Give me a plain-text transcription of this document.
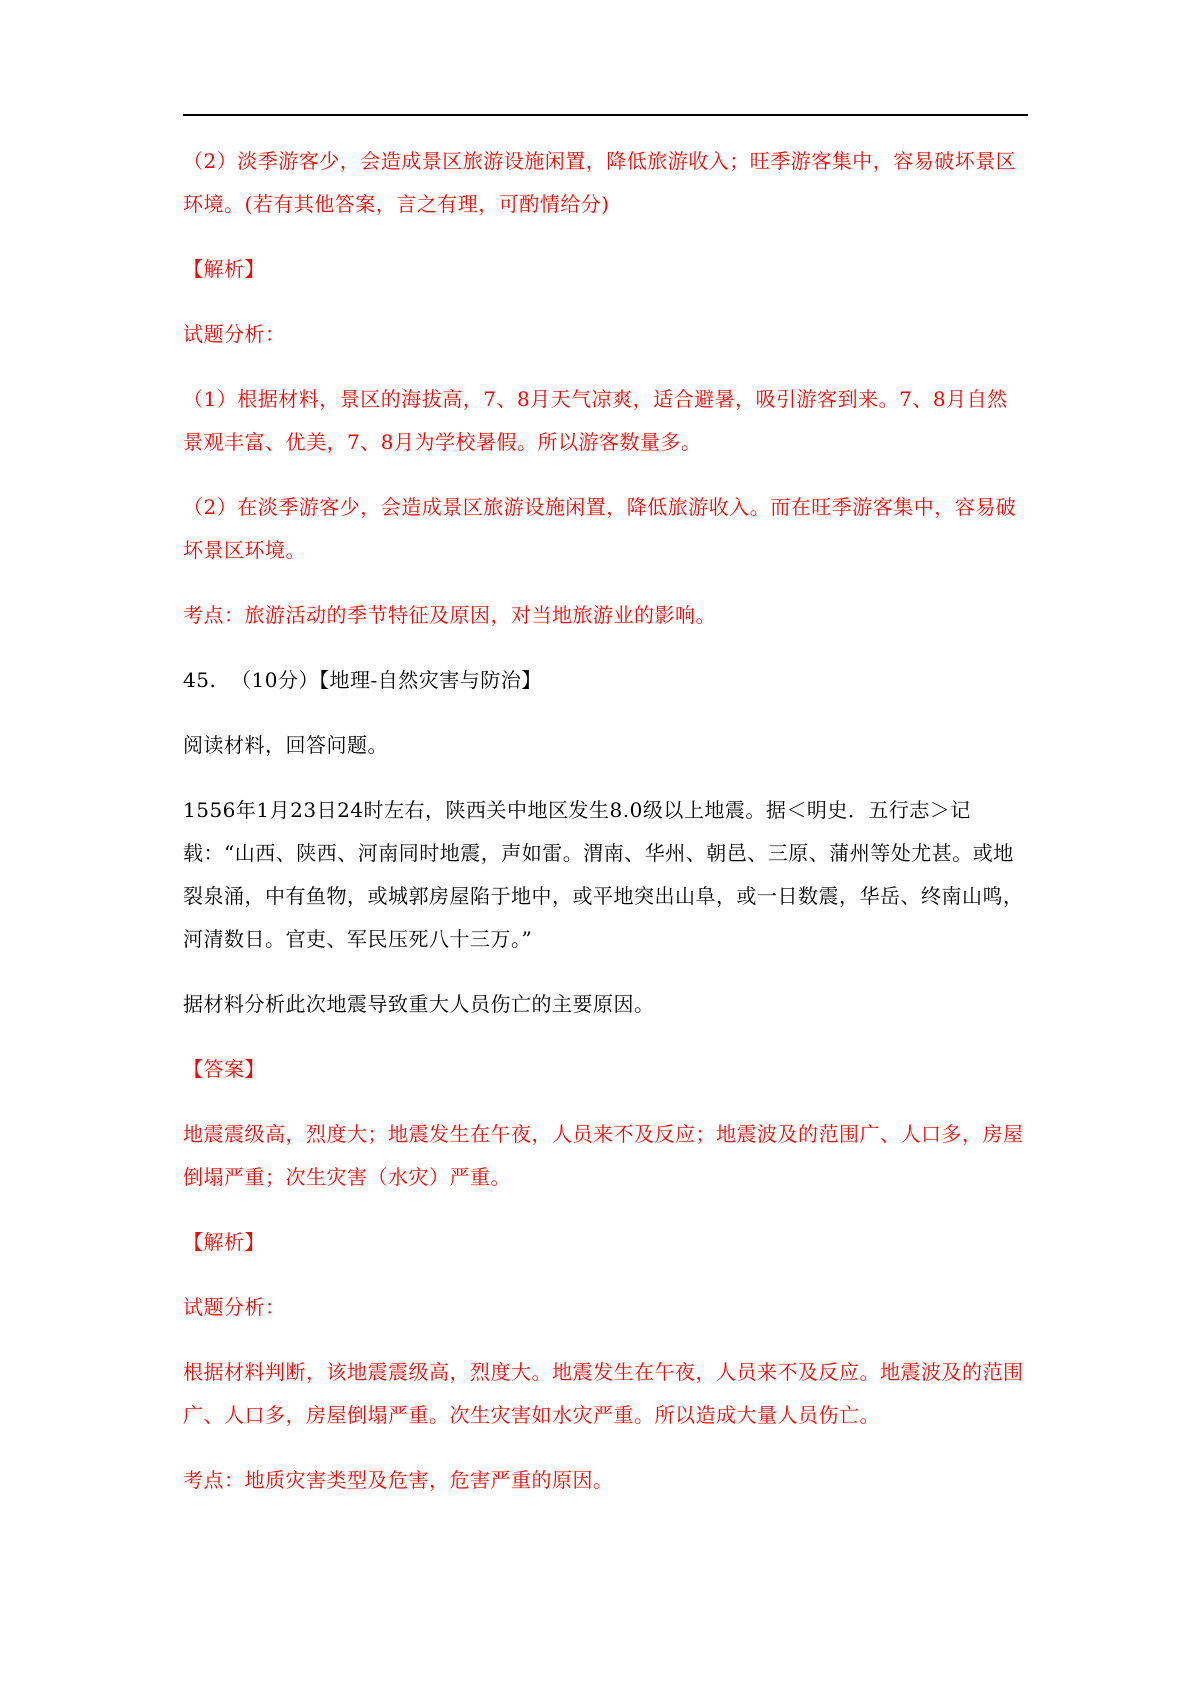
（2）淡季游客少，会造成景区旅游设施闲置，降低旅游收入；旺季游客集中，容易破坏景区环境。(若有其他答案，言之有理，可酌情给分)

【解析】

试题分析：

（1）根据材料，景区的海拔高，7、8月天气凉爽，适合避暑，吸引游客到来。7、8月自然景观丰富、优美，7、8月为学校暑假。所以游客数量多。

（2）在淡季游客少，会造成景区旅游设施闲置，降低旅游收入。而在旺季游客集中，容易破坏景区环境。

考点：旅游活动的季节特征及原因，对当地旅游业的影响。

45. （10分）【地理-自然灾害与防治】

阅读材料，回答问题。

1556年1月23日24时左右，陕西关中地区发生8.0级以上地震。据＜明史．五行志＞记载：“山西、陕西、河南同时地震，声如雷。渭南、华州、朝邑、三原、蒲州等处尤甚。或地裂泉涌，中有鱼物，或城郭房屋陷于地中，或平地突出山阜，或一日数震，华岳、终南山鸣，河清数日。官吏、军民压死八十三万。”

据材料分析此次地震导致重大人员伤亡的主要原因。

【答案】

地震震级高，烈度大；地震发生在午夜，人员来不及反应；地震波及的范围广、人口多，房屋倒塌严重；次生灾害（水灾）严重。

【解析】

试题分析：

根据材料判断，该地震震级高，烈度大。地震发生在午夜，人员来不及反应。地震波及的范围广、人口多，房屋倒塌严重。次生灾害如水灾严重。所以造成大量人员伤亡。

考点：地质灾害类型及危害，危害严重的原因。
